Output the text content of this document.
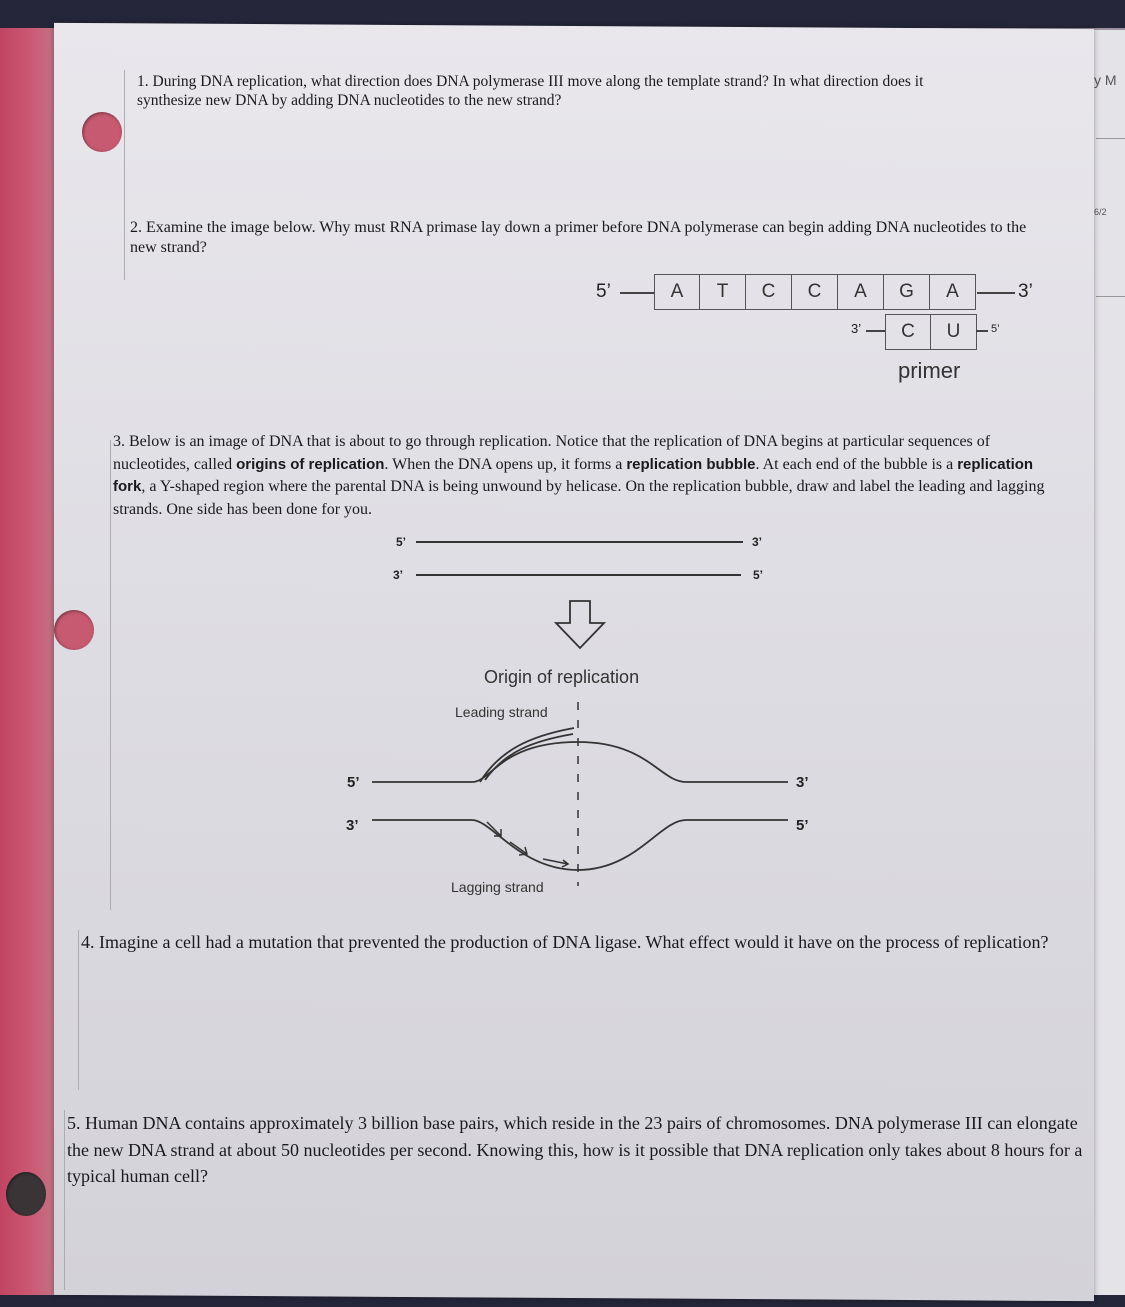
y M
6/2
1. During DNA replication, what direction does DNA polymerase III move along the template strand? In what direction does it synthesize new DNA by adding DNA nucleotides to the new strand?
2. Examine the image below. Why must RNA primase lay down a primer before DNA polymerase can begin adding DNA nucleotides to the new strand?
5’	A	T	C	C	A	G	A	3’
3’	C	U	5’
primer
3. Below is an image of DNA that is about to go through replication. Notice that the replication of DNA begins at particular sequences of nucleotides, called origins of replication. When the DNA opens up, it forms a replication bubble. At each end of the bubble is a replication fork, a Y-shaped region where the parental DNA is being unwound by helicase. On the replication bubble, draw and label the leading and lagging strands. One side has been done for you.
5’	3’
3’	5’
Origin of replication
Leading strand
Lagging strand
5’
3’
3’
5’
4. Imagine a cell had a mutation that prevented the production of DNA ligase. What effect would it have on the process of replication?
5. Human DNA contains approximately 3 billion base pairs, which reside in the 23 pairs of chromosomes. DNA polymerase III can elongate the new DNA strand at about 50 nucleotides per second. Knowing this, how is it possible that DNA replication only takes about 8 hours for a typical human cell?
